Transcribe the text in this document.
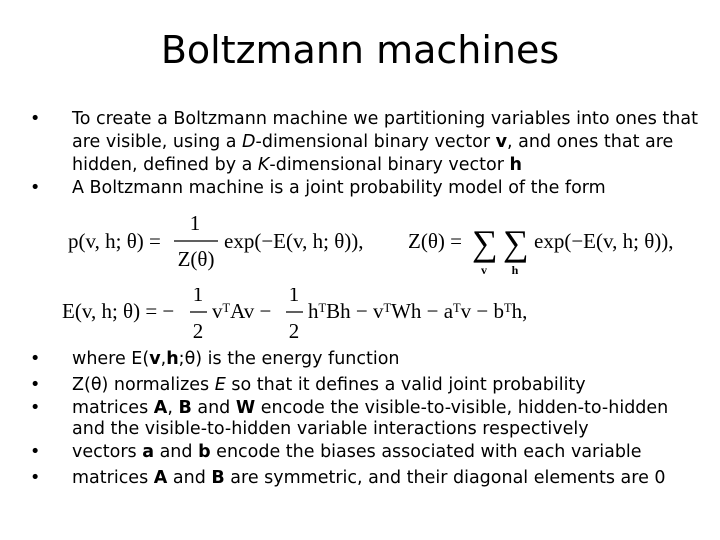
Boltzmann machines

• To create a Boltzmann machine we partitioning variables into ones that are visible, using a D-dimensional binary vector v, and ones that are hidden, defined by a K-dimensional binary vector h

• A Boltzmann machine is a joint probability model of the form

p(v, h; θ) =
1
Z(θ)
exp(−E(v, h; θ)), Z(θ) = ∑ ∑
v h
exp(−E(v, h; θ)),
E(v, h; θ) = −
1
2
vᵀAv −
1
2
hᵀBh − vᵀWh − aᵀv − bᵀh,

• where E(v,h;θ) is the energy function

• Z(θ) normalizes E so that it defines a valid joint probability

• matrices A, B and W encode the visible-to-visible, hidden-to-hidden and the visible-to-hidden variable interactions respectively

• vectors a and b encode the biases associated with each variable

• matrices A and B are symmetric, and their diagonal elements are 0
